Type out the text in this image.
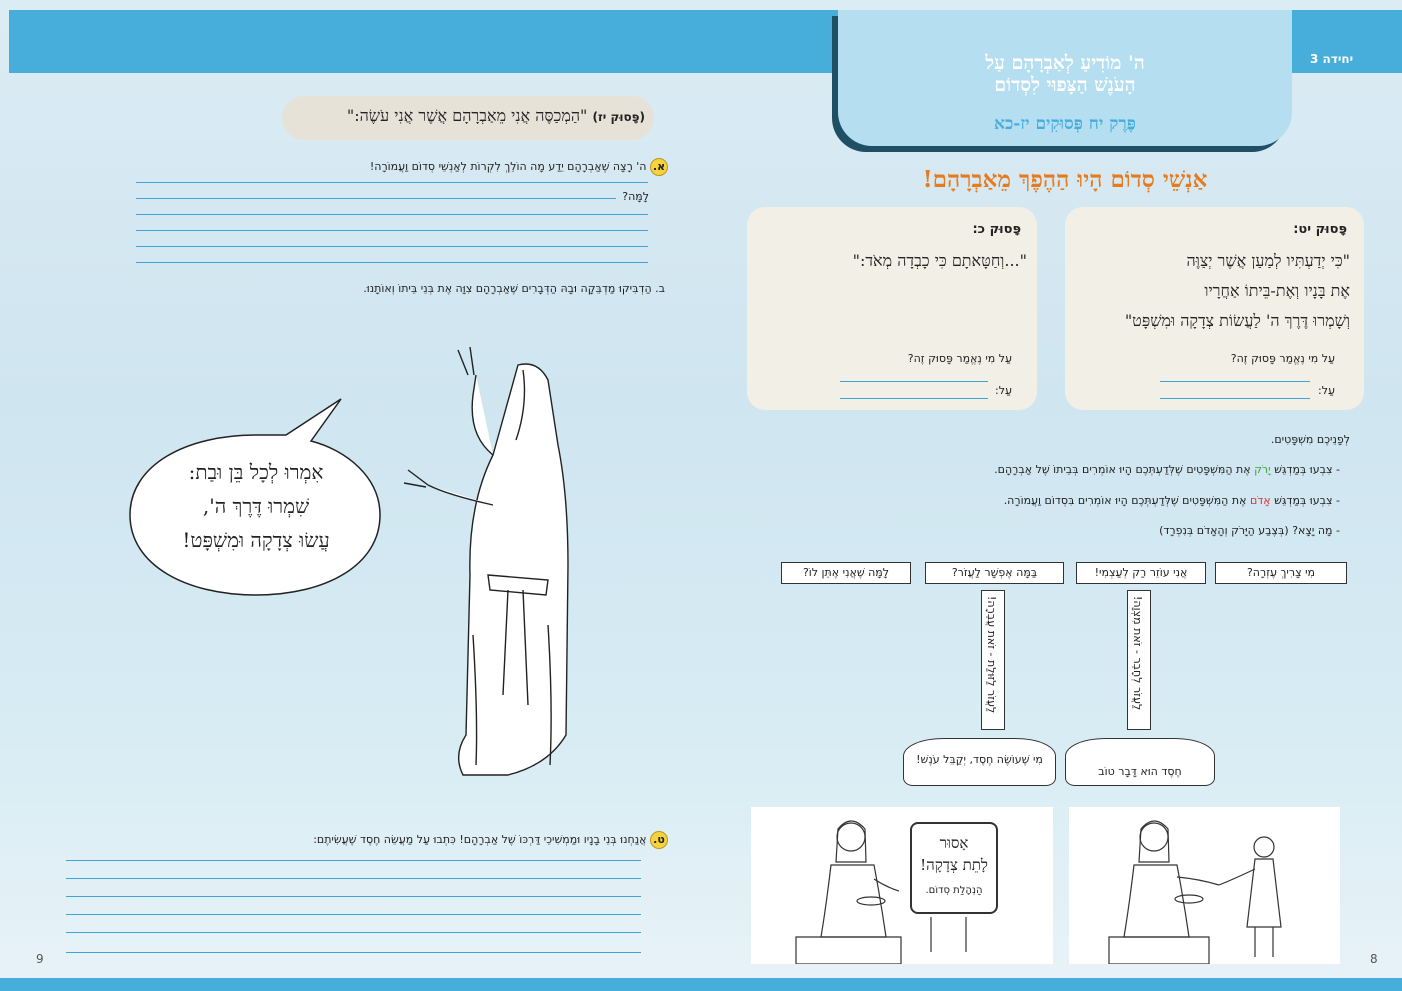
יחידה 3
ה' מוֹדִיעַ לְאַבְרָהָם עַל
הָעֹנֶשׁ הַצָּפוּי לִסְדוֹם
פֶּרֶק יח פְּסוּקִים יז-כא
אַנְשֵׁי סְדוֹם הָיוּ הַהֶפֶךְ מֵאַבְרָהָם!
פָּסוּק יט:
"כִּי יְדַעְתִּיו לְמַעַן אֲשֶׁר יְצַוֶּה
אֶת בָּנָיו וְאֶת-בֵּיתוֹ אַחֲרָיו
וְשָׁמְרוּ דֶּרֶךְ ה' לַעֲשׂוֹת צְדָקָה וּמִשְׁפָּט"
עַל מִי נֶאֱמַר פָּסוּק זֶה?
עַל:
פָּסוּק כ:
"...וְחַטָּאתָם כִּי כָבְדָה מְאֹד:"
עַל מִי נֶאֱמַר פָּסוּק זֶה?
עַל:
לְפָנֵיכֶם מִשְׁפָּטִים.
- צִבְעוּ בְּמַדְגֵּשׁ יָרֹק אֶת הַמִּשְׁפָּטִים שֶׁלְּדַעְתְּכֶם הָיוּ אוֹמְרִים בְּבֵיתוֹ שֶׁל אַבְרָהָם.
- צִבְעוּ בְּמַדְגֵּשׁ אָדֹם אֶת הַמִּשְׁפָּטִים שֶׁלְּדַעְתְּכֶם הָיוּ אוֹמְרִים בִּסְדוֹם וַעֲמוֹרָה.
- מָה יָצָא? (בְּצֶבַע הַיָּרֹק וְהָאָדֹם בְּנִפְרָד)
מִי צָרִיךְ עֶזְרָה?
אֲנִי עוֹזֵר רַק לְעַצְמִי!
בַּמָּה אֶפְשָׁר לַעֲזֹר?
לָמָּה שֶׁאֲנִי אֶתֵּן לוֹ?
לַעֲזֹר לְחָבֵר - זֹאת מִצְוָה!
לַעֲזֹר לַזּוּלַת - זֹאת עֲבֵרָה!
חֶסֶד הוּא דָּבָר טוֹב
מִי שֶׁעוֹשֶׂה חֶסֶד, יְקַבֵּל עֹנֶשׁ!
אָסוּר
לָתֵת צְדָקָה!
הַנְהָלַת סְדוֹם.
8
(פָּסוּק יז) "הַמְכַסֶּה אֲנִי מֵאַבְרָהָם אֲשֶׁר אֲנִי עֹשֶׂה:"
א. ה' רָצָה שֶׁאַבְרָהָם יֵדַע מָה הוֹלֵךְ לִקְרוֹת לְאַנְשֵׁי סְדוֹם וַעֲמוֹרָה!
לָמָּה?
ב. הַדְבִּיקוּ מַדְבֵּקָה וּבָהּ הַדְּבָרִים שֶׁאַבְרָהָם צִוָּה אֶת בְּנֵי בֵּיתוֹ וְאוֹתָנוּ.
אִמְרוּ לְכָל בֵּן וּבַת:
שִׁמְרוּ דֶּרֶךְ ה',
עֲשׂוּ צְדָקָה וּמִשְׁפָּט!
ט. אֲנַחְנוּ בְּנֵי בָנָיו וּמַמְשִׁיכֵי דַּרְכּוֹ שֶׁל אַבְרָהָם! כִּתְבוּ עַל מַעֲשֵׂה חֶסֶד שֶׁעֲשִׂיתֶם:
9
